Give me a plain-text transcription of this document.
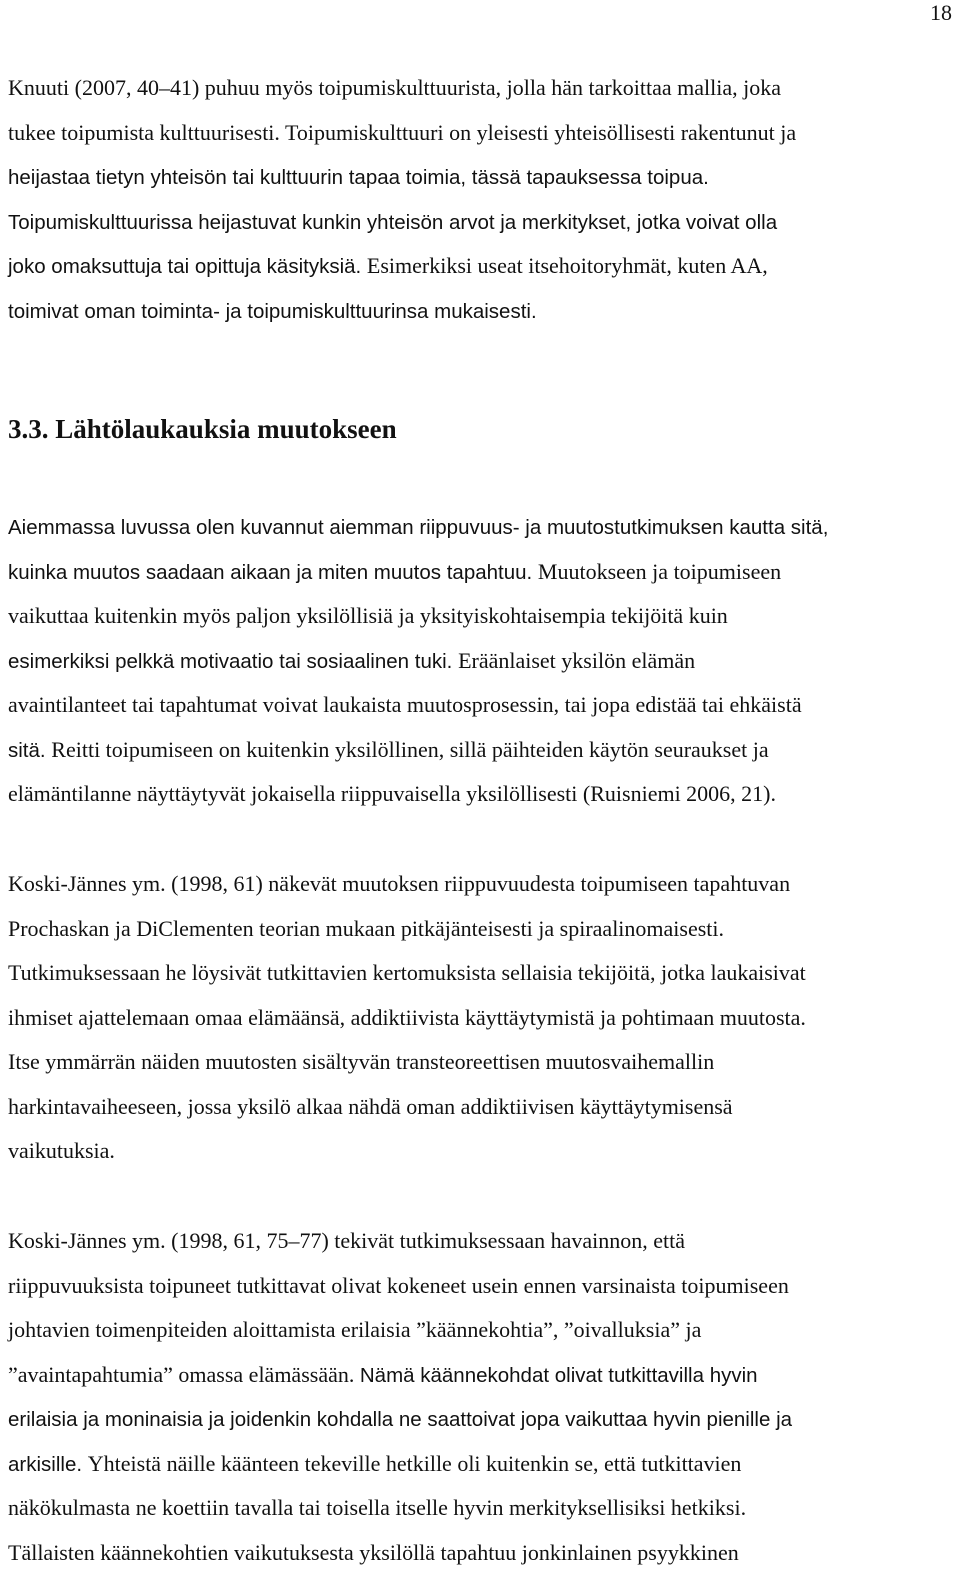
18
Knuuti (2007, 40–41) puhuu myös toipumiskulttuurista, jolla hän tarkoittaa mallia, joka
tukee toipumista kulttuurisesti. Toipumiskulttuuri on yleisesti yhteisöllisesti rakentunut ja
heijastaa tietyn yhteisön tai kulttuurin tapaa toimia, tässä tapauksessa toipua.
Toipumiskulttuurissa heijastuvat kunkin yhteisön arvot ja merkitykset, jotka voivat olla
joko omaksuttuja tai opittuja käsityksiä. Esimerkiksi useat itsehoitoryhmät, kuten AA,
toimivat oman toiminta- ja toipumiskulttuurinsa mukaisesti.
3.3. Lähtölaukauksia muutokseen
Aiemmassa luvussa olen kuvannut aiemman riippuvuus- ja muutostutkimuksen kautta sitä,
kuinka muutos saadaan aikaan ja miten muutos tapahtuu. Muutokseen ja toipumiseen
vaikuttaa kuitenkin myös paljon yksilöllisiä ja yksityiskohtaisempia tekijöitä kuin
esimerkiksi pelkkä motivaatio tai sosiaalinen tuki. Eräänlaiset yksilön elämän
avaintilanteet tai tapahtumat voivat laukaista muutosprosessin, tai jopa edistää tai ehkäistä
sitä. Reitti toipumiseen on kuitenkin yksilöllinen, sillä päihteiden käytön seuraukset ja
elämäntilanne näyttäytyvät jokaisella riippuvaisella yksilöllisesti (Ruisniemi 2006, 21).
Koski-Jännes ym. (1998, 61) näkevät muutoksen riippuvuudesta toipumiseen tapahtuvan
Prochaskan ja DiClementen teorian mukaan pitkäjänteisesti ja spiraalinomaisesti.
Tutkimuksessaan he löysivät tutkittavien kertomuksista sellaisia tekijöitä, jotka laukaisivat
ihmiset ajattelemaan omaa elämäänsä, addiktiivista käyttäytymistä ja pohtimaan muutosta.
Itse ymmärrän näiden muutosten sisältyvän transteoreettisen muutosvaihemallin
harkintavaiheeseen, jossa yksilö alkaa nähdä oman addiktiivisen käyttäytymisensä
vaikutuksia.
Koski-Jännes ym. (1998, 61, 75–77) tekivät tutkimuksessaan havainnon, että
riippuvuuksista toipuneet tutkittavat olivat kokeneet usein ennen varsinaista toipumiseen
johtavien toimenpiteiden aloittamista erilaisia ”käännekohtia”, ”oivalluksia” ja
”avaintapahtumia” omassa elämässään. Nämä käännekohdat olivat tutkittavilla hyvin
erilaisia ja moninaisia ja joidenkin kohdalla ne saattoivat jopa vaikuttaa hyvin pienille ja
arkisille. Yhteistä näille käänteen tekeville hetkille oli kuitenkin se, että tutkittavien
näkökulmasta ne koettiin tavalla tai toisella itselle hyvin merkityksellisiksi hetkiksi.
Tällaisten käännekohtien vaikutuksesta yksilöllä tapahtuu jonkinlainen psyykkinen
